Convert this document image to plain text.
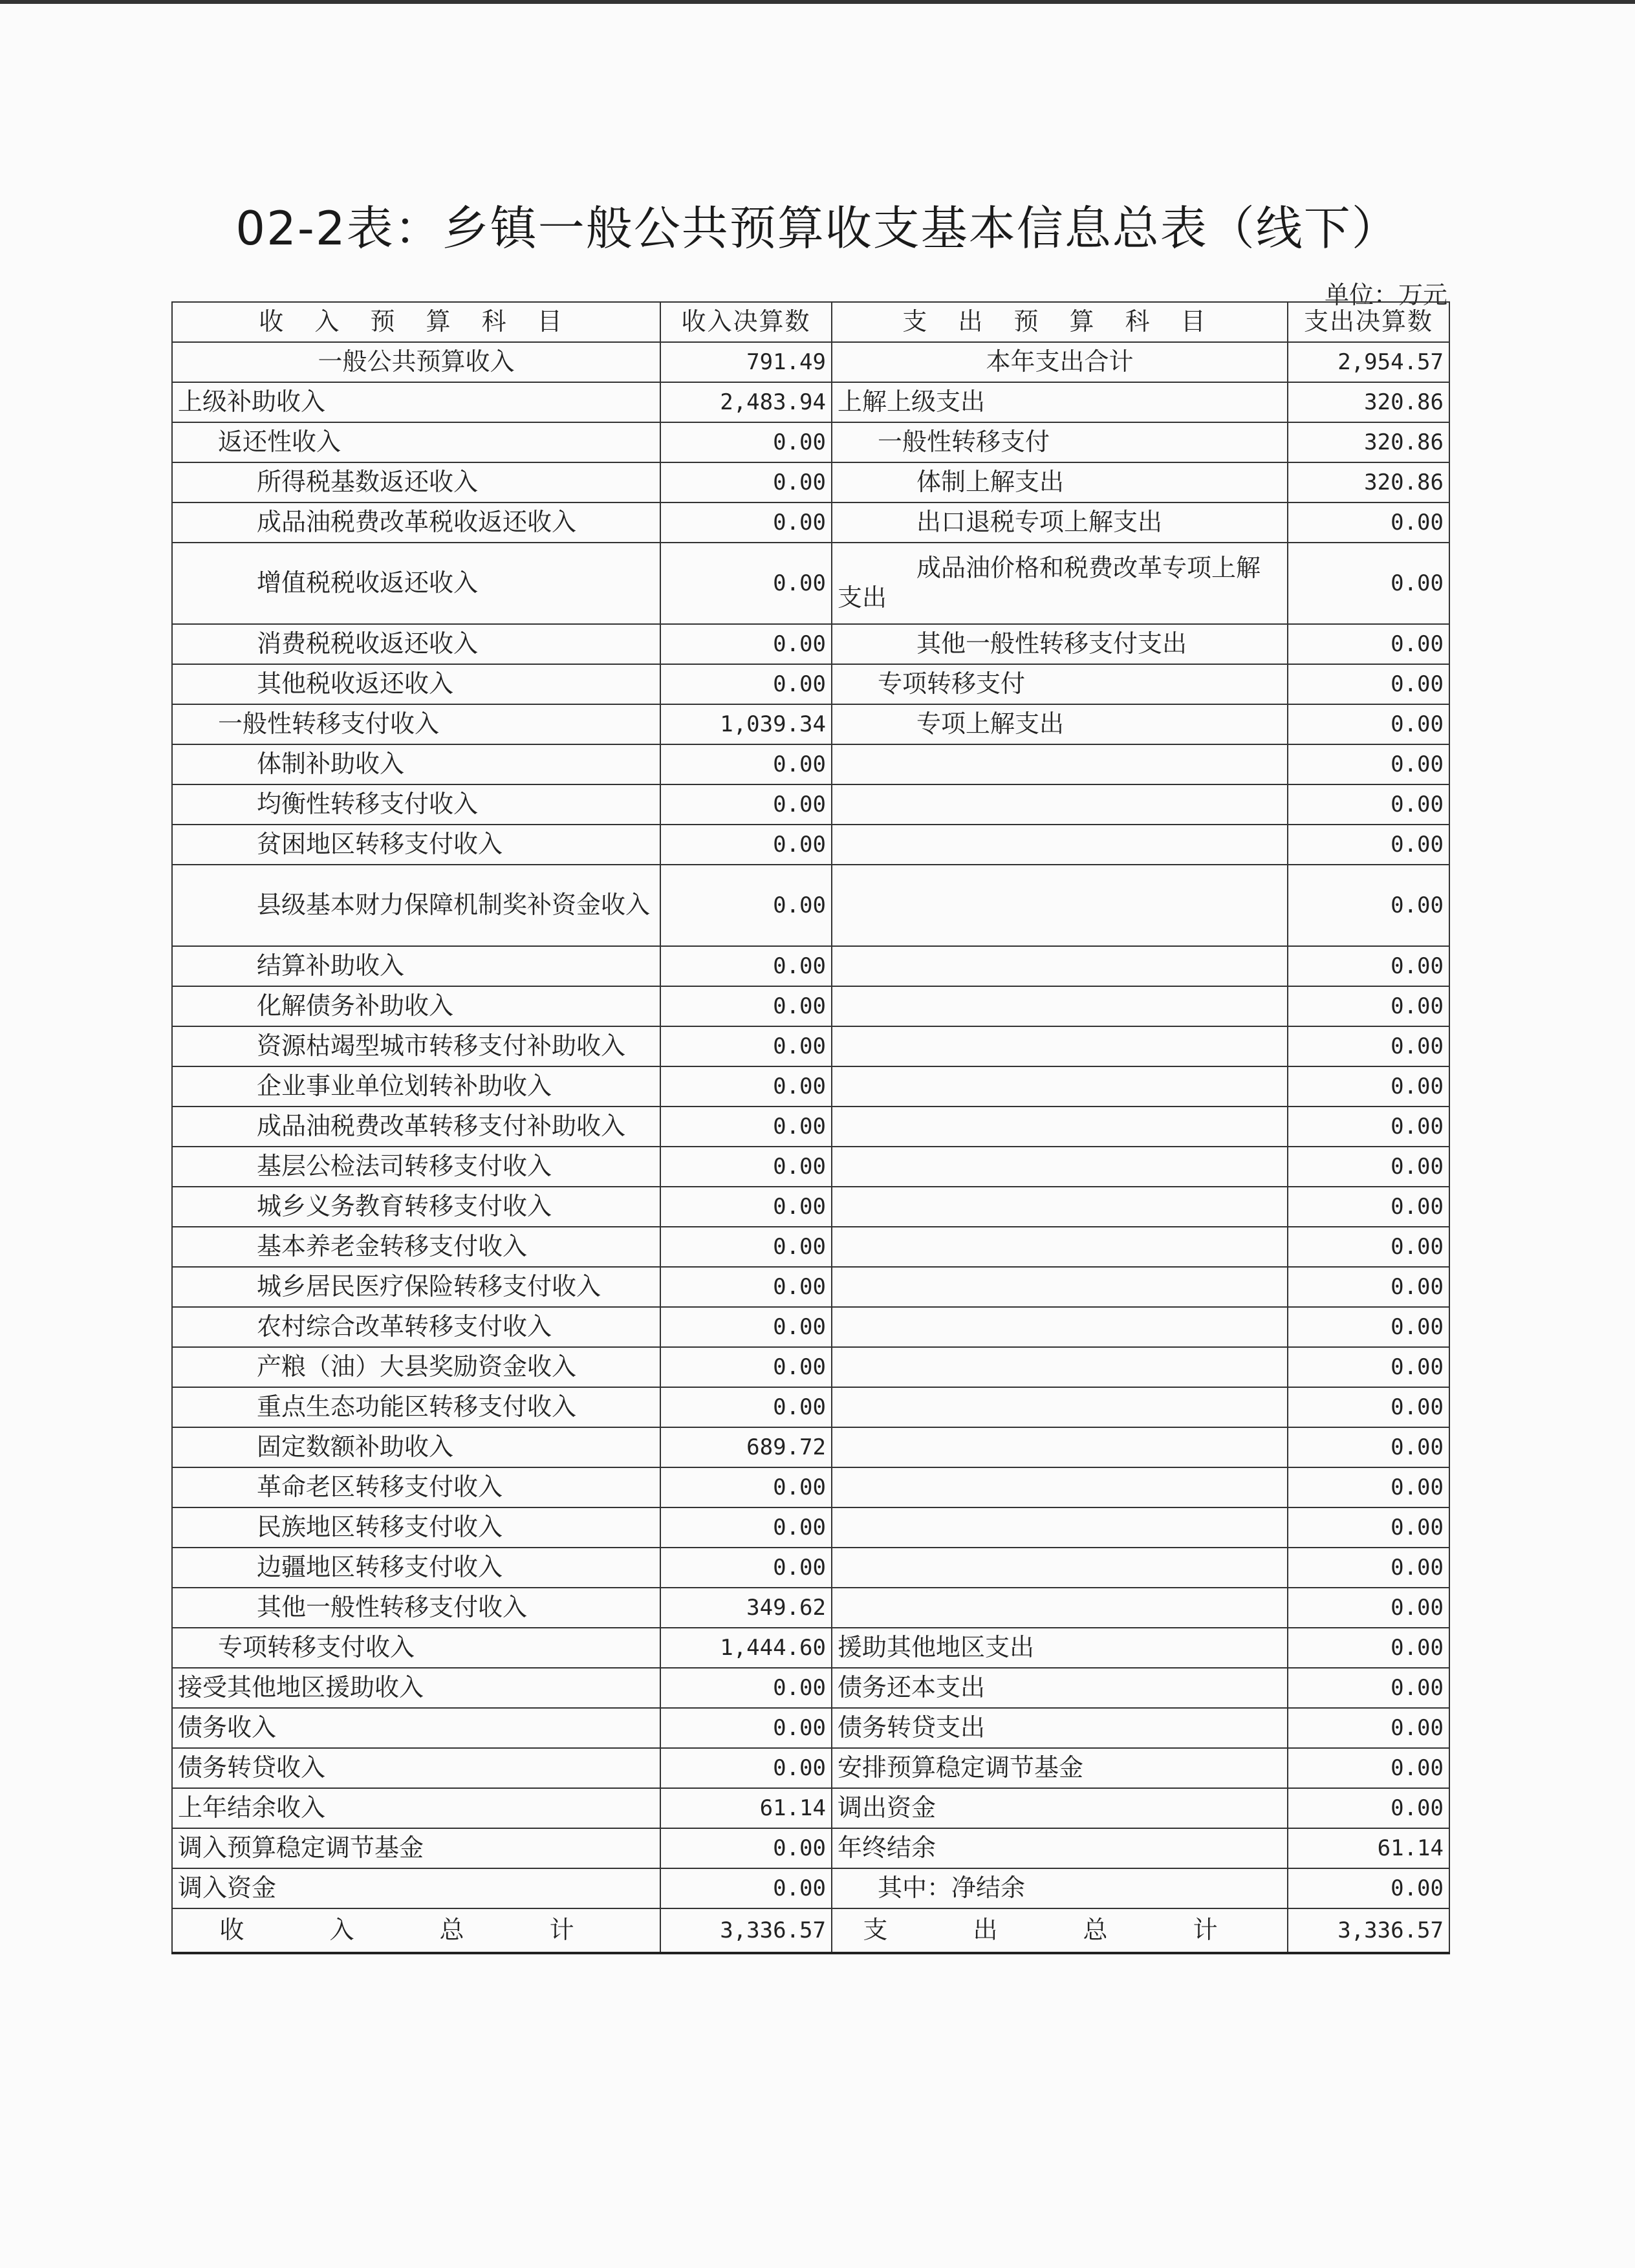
02-2表：乡镇一般公共预算收支基本信息总表（线下）
单位：万元
收 入 预 算 科 目	收入决算数	支 出 预 算 科 目	支出决算数
一般公共预算收入	791.49	本年支出合计	2,954.57
上级补助收入	2,483.94	上解上级支出	320.86
返还性收入	0.00	一般性转移支付	320.86
所得税基数返还收入	0.00	体制上解支出	320.86
成品油税费改革税收返还收入	0.00	出口退税专项上解支出	0.00
增值税税收返还收入	0.00	成品油价格和税费改革专项上解支出	0.00
消费税税收返还收入	0.00	其他一般性转移支付支出	0.00
其他税收返还收入	0.00	专项转移支付	0.00
一般性转移支付收入	1,039.34	专项上解支出	0.00
体制补助收入	0.00		0.00
均衡性转移支付收入	0.00		0.00
贫困地区转移支付收入	0.00		0.00
县级基本财力保障机制奖补资金收入	0.00		0.00
结算补助收入	0.00		0.00
化解债务补助收入	0.00		0.00
资源枯竭型城市转移支付补助收入	0.00		0.00
企业事业单位划转补助收入	0.00		0.00
成品油税费改革转移支付补助收入	0.00		0.00
基层公检法司转移支付收入	0.00		0.00
城乡义务教育转移支付收入	0.00		0.00
基本养老金转移支付收入	0.00		0.00
城乡居民医疗保险转移支付收入	0.00		0.00
农村综合改革转移支付收入	0.00		0.00
产粮（油）大县奖励资金收入	0.00		0.00
重点生态功能区转移支付收入	0.00		0.00
固定数额补助收入	689.72		0.00
革命老区转移支付收入	0.00		0.00
民族地区转移支付收入	0.00		0.00
边疆地区转移支付收入	0.00		0.00
其他一般性转移支付收入	349.62		0.00
专项转移支付收入	1,444.60	援助其他地区支出	0.00
接受其他地区援助收入	0.00	债务还本支出	0.00
债务收入	0.00	债务转贷支出	0.00
债务转贷收入	0.00	安排预算稳定调节基金	0.00
上年结余收入	61.14	调出资金	0.00
调入预算稳定调节基金	0.00	年终结余	61.14
调入资金	0.00	其中：净结余	0.00
收 入 总 计	3,336.57	支 出 总 计	3,336.57
